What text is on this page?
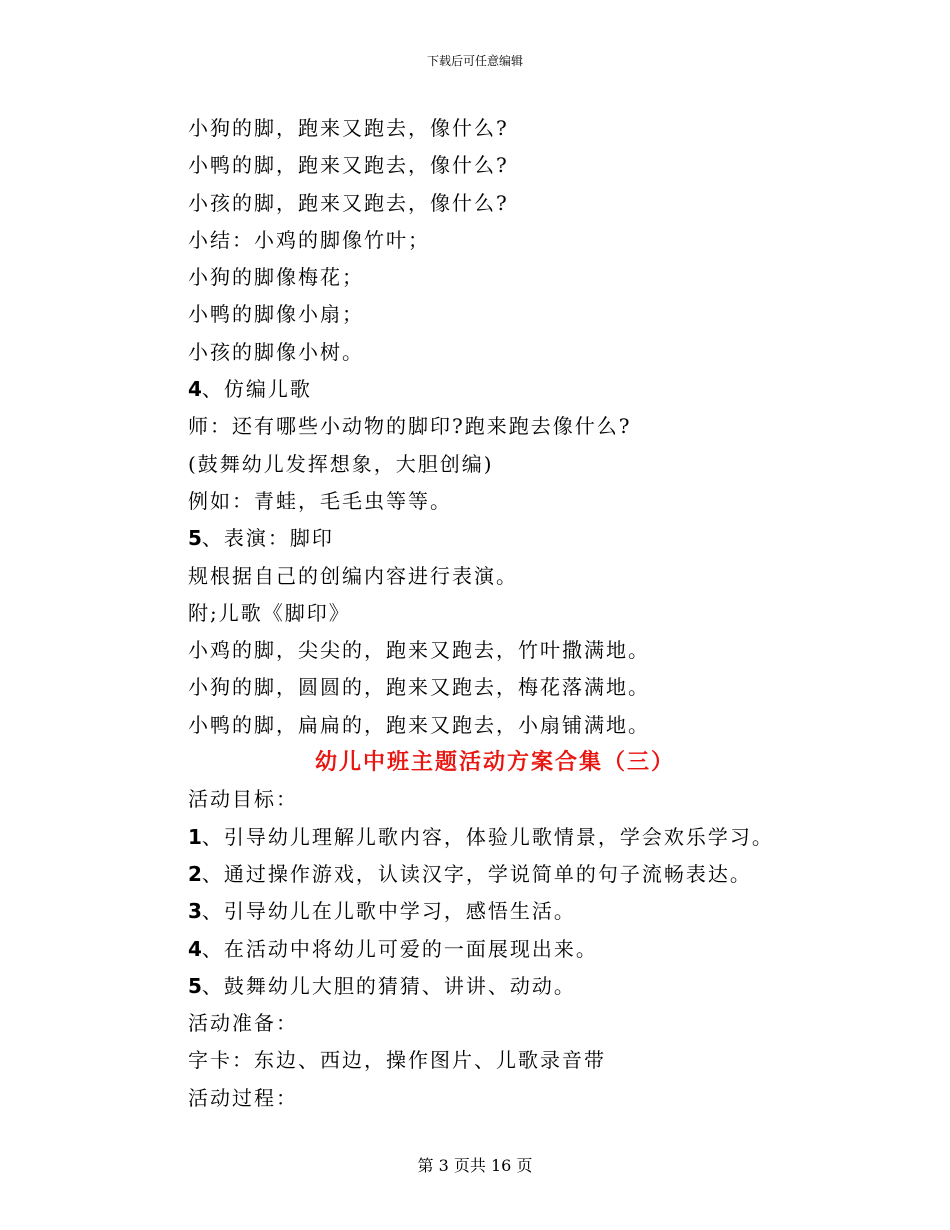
下载后可任意编辑
小狗的脚，跑来又跑去，像什么?
小鸭的脚，跑来又跑去，像什么?
小孩的脚，跑来又跑去，像什么?
小结：小鸡的脚像竹叶；
小狗的脚像梅花；
小鸭的脚像小扇；
小孩的脚像小树。
4、仿编儿歌
师：还有哪些小动物的脚印?跑来跑去像什么?
(鼓舞幼儿发挥想象，大胆创编)
例如：青蛙，毛毛虫等等。
5、表演：脚印
规根据自己的创编内容进行表演。
附;儿歌《脚印》
小鸡的脚，尖尖的，跑来又跑去，竹叶撒满地。
小狗的脚，圆圆的，跑来又跑去，梅花落满地。
小鸭的脚，扁扁的，跑来又跑去，小扇铺满地。
幼儿中班主题活动方案合集（三）
活动目标：
1、引导幼儿理解儿歌内容，体验儿歌情景，学会欢乐学习。
2、通过操作游戏，认读汉字，学说简单的句子流畅表达。
3、引导幼儿在儿歌中学习，感悟生活。
4、在活动中将幼儿可爱的一面展现出来。
5、鼓舞幼儿大胆的猜猜、讲讲、动动。
活动准备：
字卡：东边、西边，操作图片、儿歌录音带
活动过程：
第 3 页共 16 页
